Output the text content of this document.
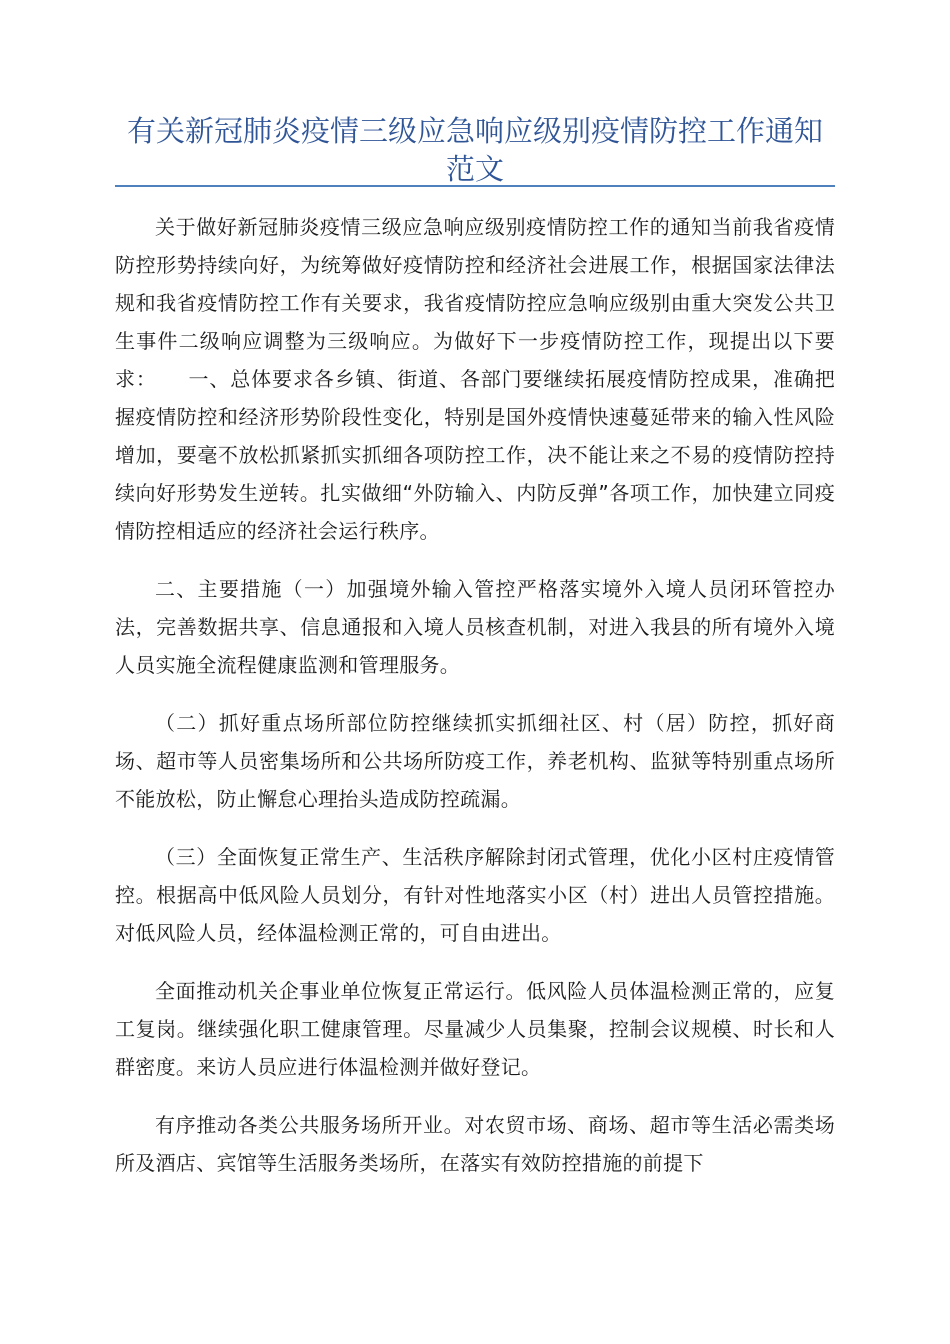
有关新冠肺炎疫情三级应急响应级别疫情防控工作通知范文

关于做好新冠肺炎疫情三级应急响应级别疫情防控工作的通知当前我省疫情防控形势持续向好，为统筹做好疫情防控和经济社会进展工作，根据国家法律法规和我省疫情防控工作有关要求，我省疫情防控应急响应级别由重大突发公共卫生事件二级响应调整为三级响应。为做好下一步疫情防控工作，现提出以下要求：　　一、总体要求各乡镇、街道、各部门要继续拓展疫情防控成果，准确把握疫情防控和经济形势阶段性变化，特别是国外疫情快速蔓延带来的输入性风险增加，要毫不放松抓紧抓实抓细各项防控工作，决不能让来之不易的疫情防控持续向好形势发生逆转。扎实做细“外防输入、内防反弹”各项工作，加快建立同疫情防控相适应的经济社会运行秩序。

二、主要措施（一）加强境外输入管控严格落实境外入境人员闭环管控办法，完善数据共享、信息通报和入境人员核查机制，对进入我县的所有境外入境人员实施全流程健康监测和管理服务。

（二）抓好重点场所部位防控继续抓实抓细社区、村（居）防控，抓好商场、超市等人员密集场所和公共场所防疫工作，养老机构、监狱等特别重点场所不能放松，防止懈怠心理抬头造成防控疏漏。

（三）全面恢复正常生产、生活秩序解除封闭式管理，优化小区村庄疫情管控。根据高中低风险人员划分，有针对性地落实小区（村）进出人员管控措施。对低风险人员，经体温检测正常的，可自由进出。

全面推动机关企事业单位恢复正常运行。低风险人员体温检测正常的，应复工复岗。继续强化职工健康管理。尽量减少人员集聚，控制会议规模、时长和人群密度。来访人员应进行体温检测并做好登记。

有序推动各类公共服务场所开业。对农贸市场、商场、超市等生活必需类场所及酒店、宾馆等生活服务类场所，在落实有效防控措施的前提下
